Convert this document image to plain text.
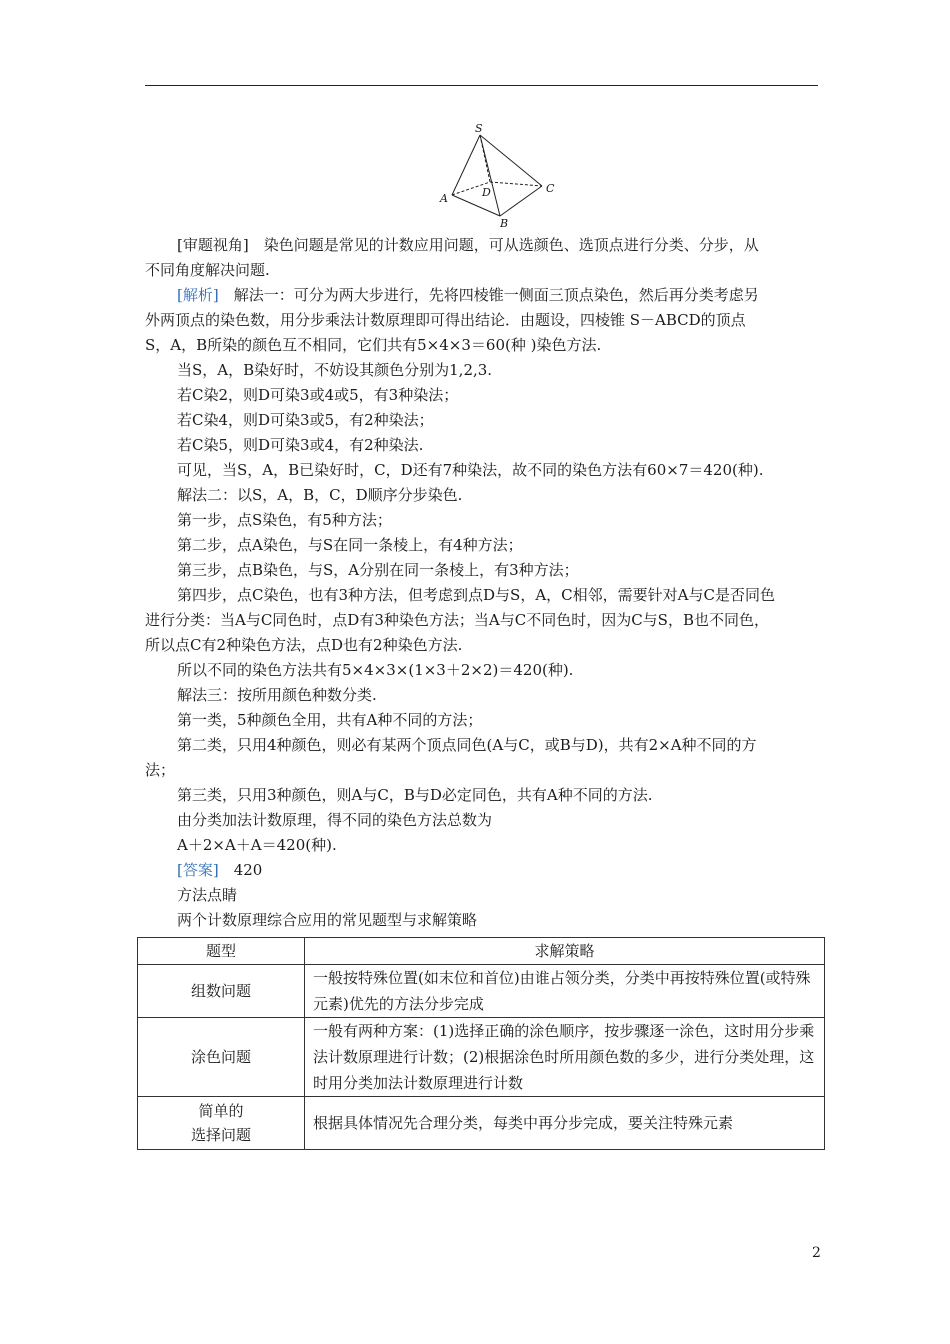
S
A
B
C
D
[审题视角]　染色问题是常见的计数应用问题，可从选颜色、选顶点进行分类、分步，从
不同角度解决问题.
[解析]　解法一：可分为两大步进行，先将四棱锥一侧面三顶点染色，然后再分类考虑另
外两顶点的染色数，用分步乘法计数原理即可得出结论．由题设，四棱锥 S－ABCD的顶点
S，A，B所染的颜色互不相同，它们共有5×4×3＝60(种 )染色方法.
当S，A，B染好时，不妨设其颜色分别为1,2,3.
若C染2，则D可染3或4或5，有3种染法；
若C染4，则D可染3或5，有2种染法；
若C染5，则D可染3或4，有2种染法.
可见，当S，A，B已染好时，C，D还有7种染法，故不同的染色方法有60×7＝420(种).
解法二：以S，A，B，C，D顺序分步染色.
第一步，点S染色，有5种方法；
第二步，点A染色，与S在同一条棱上，有4种方法；
第三步，点B染色，与S，A分别在同一条棱上，有3种方法；
第四步，点C染色，也有3种方法，但考虑到点D与S，A，C相邻，需要针对A与C是否同色
进行分类：当A与C同色时，点D有3种染色方法；当A与C不同色时，因为C与S，B也不同色，
所以点C有2种染色方法，点D也有2种染色方法.
所以不同的染色方法共有5×4×3×(1×3＋2×2)＝420(种).
解法三：按所用颜色种数分类.
第一类，5种颜色全用，共有A种不同的方法；
第二类，只用4种颜色，则必有某两个顶点同色(A与C，或B与D)，共有2×A种不同的方
法；
第三类，只用3种颜色，则A与C，B与D必定同色，共有A种不同的方法.
由分类加法计数原理，得不同的染色方法总数为
A＋2×A＋A＝420(种).
[答案]　420
方法点睛
两个计数原理综合应用的常见题型与求解策略
题型	求解策略
组数问题	一般按特殊位置(如末位和首位)由谁占领分类，分类中再按特殊位置(或特殊元素)优先的方法分步完成
涂色问题	一般有两种方案：(1)选择正确的涂色顺序，按步骤逐一涂色，这时用分步乘法计数原理进行计数；(2)根据涂色时所用颜色数的多少，进行分类处理，这时用分类加法计数原理进行计数
简单的
选择问题	根据具体情况先合理分类，每类中再分步完成，要关注特殊元素
2
